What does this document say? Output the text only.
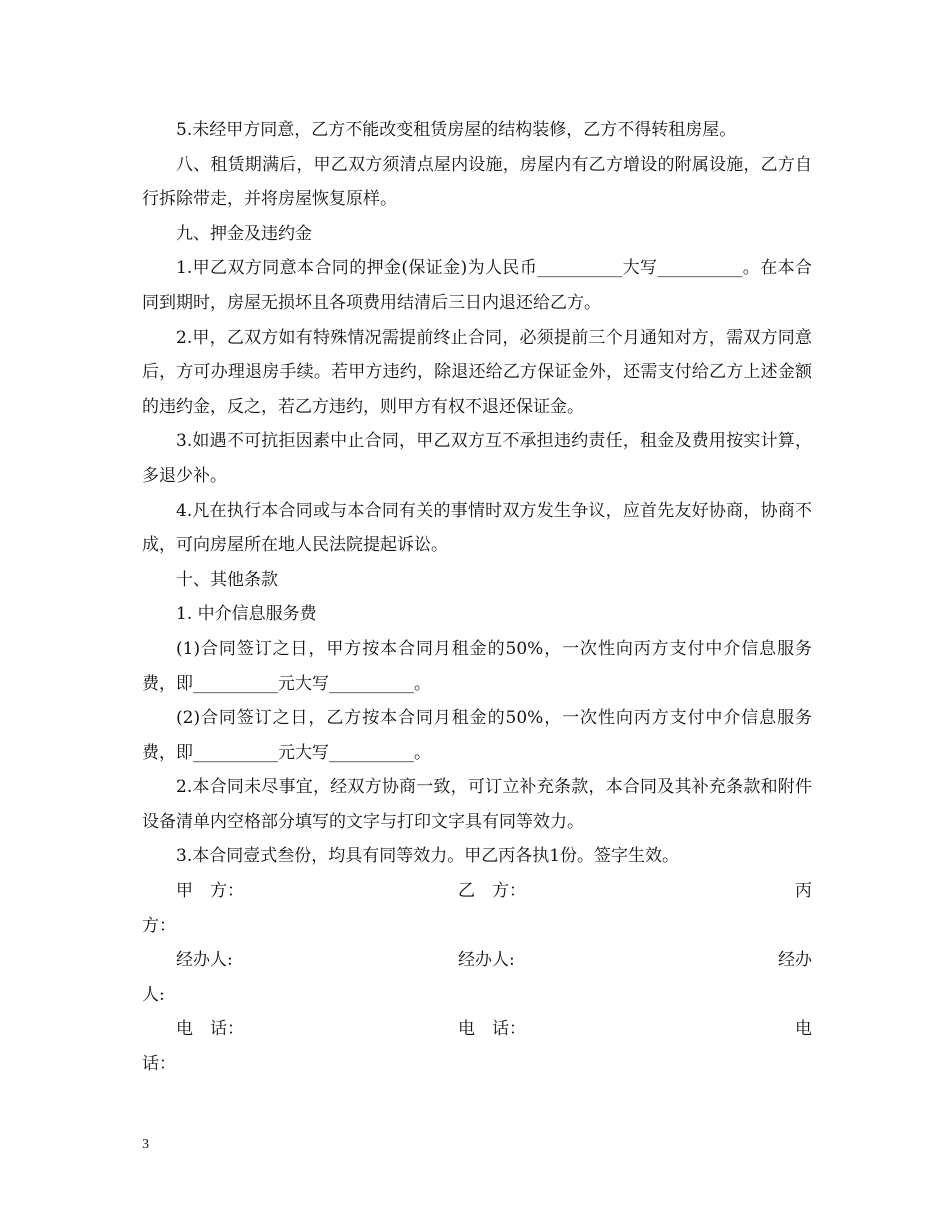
5.未经甲方同意，乙方不能改变租赁房屋的结构装修，乙方不得转租房屋。

八、租赁期满后，甲乙双方须清点屋内设施，房屋内有乙方增设的附属设施，乙方自行拆除带走，并将房屋恢复原样。

九、押金及违约金

1.甲乙双方同意本合同的押金(保证金)为人民币__________大写__________。在本合同到期时，房屋无损坏且各项费用结清后三日内退还给乙方。

2.甲，乙双方如有特殊情况需提前终止合同，必须提前三个月通知对方，需双方同意后，方可办理退房手续。若甲方违约，除退还给乙方保证金外，还需支付给乙方上述金额的违约金，反之，若乙方违约，则甲方有权不退还保证金。

3.如遇不可抗拒因素中止合同，甲乙双方互不承担违约责任，租金及费用按实计算，多退少补。

4.凡在执行本合同或与本合同有关的事情时双方发生争议，应首先友好协商，协商不成，可向房屋所在地人民法院提起诉讼。

十、其他条款

1. 中介信息服务费

(1)合同签订之日，甲方按本合同月租金的50%，一次性向丙方支付中介信息服务费，即__________元大写__________。

(2)合同签订之日，乙方按本合同月租金的50%，一次性向丙方支付中介信息服务费，即__________元大写__________。

2.本合同未尽事宜，经双方协商一致，可订立补充条款，本合同及其补充条款和附件设备清单内空格部分填写的文字与打印文字具有同等效力。

3.本合同壹式叁份，均具有同等效力。甲乙丙各执1份。签字生效。

甲　方：	乙　方：	丙
方：
经办人:	经办人:	经办
人:
电　话：	电　话：	电
话：
3
